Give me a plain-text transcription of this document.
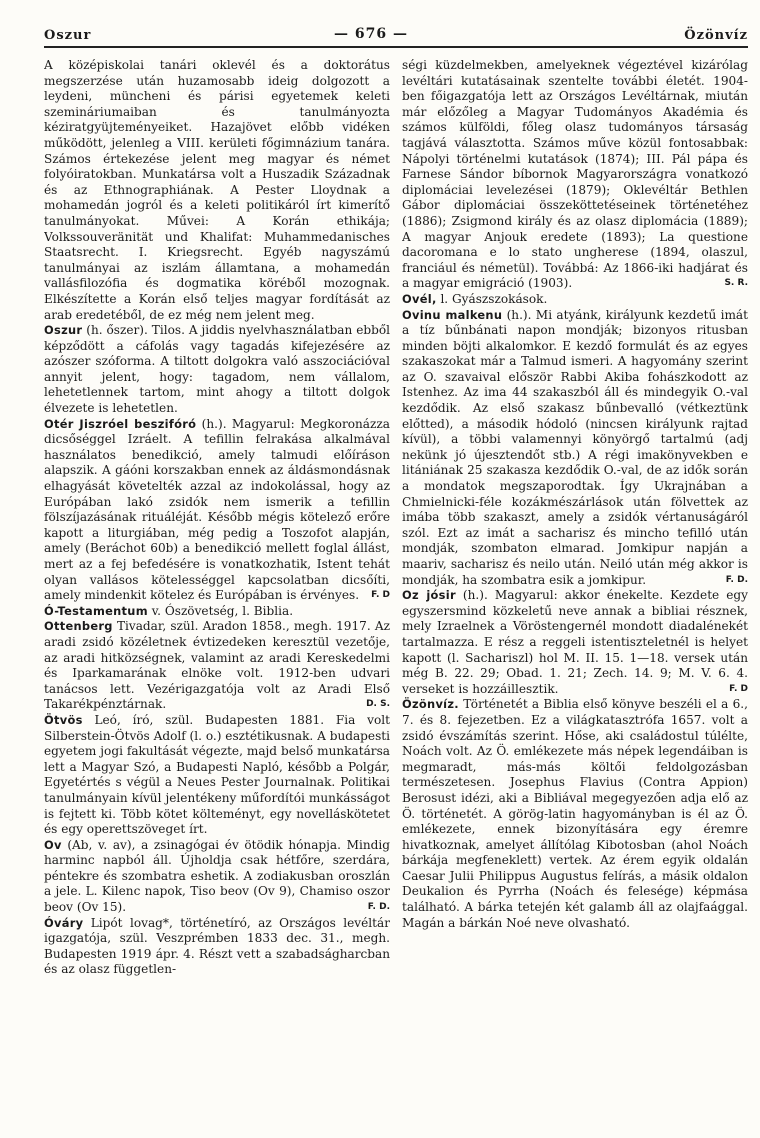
Oszur	— 676 —	Özönvíz

A középiskolai tanári oklevél és a doktorátus megszerzése után huzamosabb ideig dolgozott a leydeni, müncheni és párisi egyetemek keleti szemináriumaiban és tanulmányozta kéziratgyüjteményeiket. Hazajövet előbb vidéken működött, jelenleg a VIII. kerületi főgimnázium tanára. Számos értekezése jelent meg magyar és német folyóiratokban. Munkatársa volt a Huszadik Századnak és az Ethnographiának. A Pester Lloydnak a mohamedán jogról és a keleti politikáról írt kimerítő tanulmányokat. Művei: A Korán ethikája; Volkssouveränität und Khalifat: Muhammedanisches Staatsrecht. I. Kriegsrecht. Egyéb nagyszámú tanulmányai az iszlám államtana, a mohamedán vallásfilozófia és dogmatika köréből mozognak. Elkészítette a Korán első teljes magyar fordítását az arab eredetéből, de ez még nem jelent meg.

Oszur (h. őszer). Tilos. A jiddis nyelvhasználatban ebből képződött a cáfolás vagy tagadás kifejezésére az azószer szóforma. A tiltott dolgokra való asszociációval annyit jelent, hogy: tagadom, nem vállalom, lehetetlennek tartom, mint ahogy a tiltott dolgok élvezete is lehetetlen.

Otér Jiszróel beszifóró (h.). Magyarul: Megkoronázza dicsőséggel Izráelt. A tefillin felrakása alkalmával használatos benedikció, amely talmudi előíráson alapszik. A gáóni korszakban ennek az áldásmondásnak elhagyását követelték azzal az indokolással, hogy az Európában lakó zsidók nem ismerik a tefillin fölszíjazásának rituáléját. Később mégis kötelező erőre kapott a liturgiában, még pedig a Toszofot alapján, amely (Beráchot 60b) a benedikció mellett foglal állást, mert az a fej befedésére is vonatkozhatik, Istent tehát olyan vallásos kötelességgel kapcsolatban dicsőíti, amely mindenkit kötelez és Európában is érvényes. F. D

Ó-Testamentum v. Ószövetség, l. Biblia.

Ottenberg Tivadar, szül. Aradon 1858., megh. 1917. Az aradi zsidó közéletnek évtizedeken keresztül vezetője, az aradi hitközségnek, valamint az aradi Kereskedelmi és Iparkamarának elnöke volt. 1912-ben udvari tanácsos lett. Vezérigazgatója volt az Aradi Első Takarékpénztárnak.	D. S.

Ötvös Leó, író, szül. Budapesten 1881. Fia volt Silberstein-Ötvös Adolf (l. o.) esztétikusnak. A budapesti egyetem jogi fakultását végezte, majd belső munkatársa lett a Magyar Szó, a Budapesti Napló, később a Polgár, Egyetértés s végül a Neues Pester Journalnak. Politikai tanulmányain kívül jelentékeny műfordítói munkásságot is fejtett ki. Több kötet költeményt, egy novelláskötetet és egy operettszöveget írt.

Ov (Ab, v. av), a zsinagógai év ötödik hónapja. Mindig harminc napból áll. Újholdja csak hétfőre, szerdára, péntekre és szombatra eshetik. A zodiakusban oroszlán a jele. L. Kilenc napok, Tiso beov (Ov 9), Chamiso oszor beov (Ov 15).	F. D.

Óváry Lipót lovag*, történetíró, az Országos levéltár igazgatója, szül. Veszprémben 1833 dec. 31., megh. Budapesten 1919 ápr. 4. Részt vett a szabadságharcban és az olasz független-

ségi küzdelmekben, amelyeknek végeztével kizárólag levéltári kutatásainak szentelte további életét. 1904-ben főigazgatója lett az Országos Levéltárnak, miután már előzőleg a Magyar Tudományos Akadémia és számos külföldi, főleg olasz tudományos társaság tagjává választotta. Számos műve közül fontosabbak: Nápolyi történelmi kutatások (1874); III. Pál pápa és Farnese Sándor bíbornok Magyarországra vonatkozó diplomáciai levelezései (1879); Oklevéltár Bethlen Gábor diplomáciai összeköttetéseinek történetéhez (1886); Zsigmond király és az olasz diplomácia (1889); A magyar Anjouk eredete (1893); La questione dacoromana e lo stato ungherese (1894, olaszul, franciául és németül). Továbbá: Az 1866-iki hadjárat és a magyar emigráció (1903).	S. R.

Ovél, l. Gyászszokások.

Ovinu malkenu (h.). Mi atyánk, királyunk kezdetű imát a tíz bűnbánati napon mondják; bizonyos ritusban minden böjti alkalomkor. E kezdő formulát és az egyes szakaszokat már a Talmud ismeri. A hagyomány szerint az O. szavaival először Rabbi Akiba fohászkodott az Istenhez. Az ima 44 szakaszból áll és mindegyik O.-val kezdődik. Az első szakasz bűnbevalló (vétkeztünk előtted), a második hódoló (nincsen királyunk rajtad kívül), a többi valamennyi könyörgő tartalmú (adj nekünk jó újesztendőt stb.) A régi imakönyvekben e litániának 25 szakasza kezdődik O.-val, de az idők során a mondatok megszaporodtak. Így Ukrajnában a Chmielnicki-féle kozákmészárlások után fölvettek az imába több szakaszt, amely a zsidók vértanuságáról szól. Ezt az imát a sacharisz és mincho tefilló után mondják, szombaton elmarad. Jomkipur napján a maariv, sacharisz és neilo után. Neiló után még akkor is mondják, ha szombatra esik a jomkipur.	F. D.

Oz jósir (h.). Magyarul: akkor énekelte. Kezdete egy egyszersmind közkeletű neve annak a bibliai résznek, mely Izraelnek a Vöröstengernél mondott diadalénekét tartalmazza. E rész a reggeli istentiszteletnél is helyet kapott (l. Sachariszl) hol M. II. 15. 1—18. versek után még B. 22. 29; Obad. 1. 21; Zech. 14. 9; M. V. 6. 4. verseket is hozzáillesztik.	F. D

Özönvíz. Történetét a Biblia első könyve beszéli el a 6., 7. és 8. fejezetben. Ez a világkatasztrófa 1657. volt a zsidó évszámítás szerint. Hőse, aki családostul túlélte, Noách volt. Az Ö. emlékezete más népek legendáiban is megmaradt, más-más költői feldolgozásban természetesen. Josephus Flavius (Contra Appion) Berosust idézi, aki a Bibliával megegyezően adja elő az Ö. történetét. A görög-latin hagyományban is él az Ö. emlékezete, ennek bizonyítására egy éremre hivatkoznak, amelyet állítólag Kibotosban (ahol Noách bárkája megfeneklett) vertek. Az érem egyik oldalán Caesar Julii Philippus Augustus felírás, a másik oldalon Deukalion és Pyrrha (Noách és felesége) képmása található. A bárka tetején két galamb áll az olajfaággal. Magán a bárkán Noé neve olvasható.
